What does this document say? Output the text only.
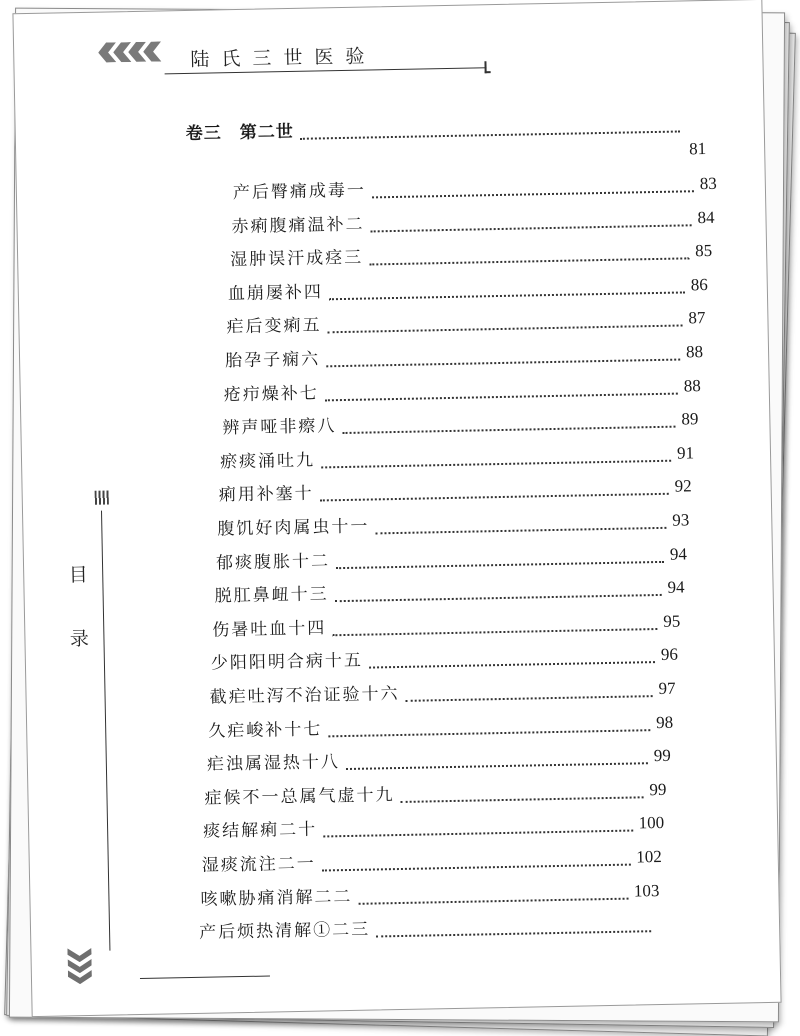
陆氏三世医验
目
录
卷三 第二世
81
产后臀痛成毒一	83
赤痢腹痛温补二	84
湿肿误汗成痉三	85
血崩屡补四	86
疟后变痢五	87
胎孕子痫六	88
疮疖燥补七	88
辨声哑非瘵八	89
瘀痰涌吐九	91
痢用补塞十	92
腹饥好肉属虫十一	93
郁痰腹胀十二	94
脱肛鼻衄十三	94
伤暑吐血十四	95
少阳阳明合病十五	96
截疟吐泻不治证验十六	97
久疟峻补十七	98
疟浊属湿热十八	99
症候不一总属气虚十九	99
痰结解痢二十	100
湿痰流注二一	102
咳嗽胁痛消解二二	103
产后烦热清解①二三
